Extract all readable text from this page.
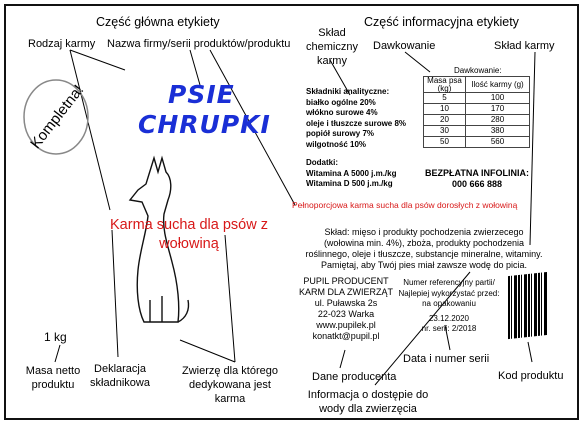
Część główna etykiety	Część informacyjna etykiety
Rodzaj karmy Nazwa firmy/serii produktów/produktu
Skład chemiczny karmy
Dawkowanie	Skład karmy
Masa netto produktu
Deklaracja składnikowa
Zwierzę dla którego dedykowana jest karma
Dane producenta
Informacja o dostępie do wody dla zwierzęcia
Data i numer serii
Kod produktu
Kompletna!	PSIE
CHRUPKI
Karma sucha dla psów z wołowiną
1 kg
Składniki analityczne:
białko ogólne 20%
włókno surowe 4%
oleje i tłuszcze surowe 8%
popiół surowy 7%
wilgotność 10%
Dodatki:
Witamina A 5000 j.m./kg
Witamina D 500 j.m./kg
Dawkowanie:
Masa psa (kg)	Ilość karmy (g)
5	100
10	170
20	280
30	380
50	560
BEZPŁATNA INFOLINIA:
000 666 888
Pełnoporcjowa karma sucha dla psów dorosłych z wołowiną
Skład: mięso i produkty pochodzenia zwierzecego
(wołowina min. 4%), zboża, produkty pochodzenia
roślinnego, oleje i tłuszcze, substancje mineralne, witaminy.
Pamiętaj, aby Twój pies miał zawsze wodę do picia.
PUPIL PRODUCENT
KARM DLA ZWIERZĄT
ul. Puławska 2s
22-023 Warka
www.pupilek.pl
konatkt@pupil.pl
Numer referencyjny partii/
Najlepiej wykorzystać przed:
na opakowaniu
23.12.2020
nr. serii: 2/2018
